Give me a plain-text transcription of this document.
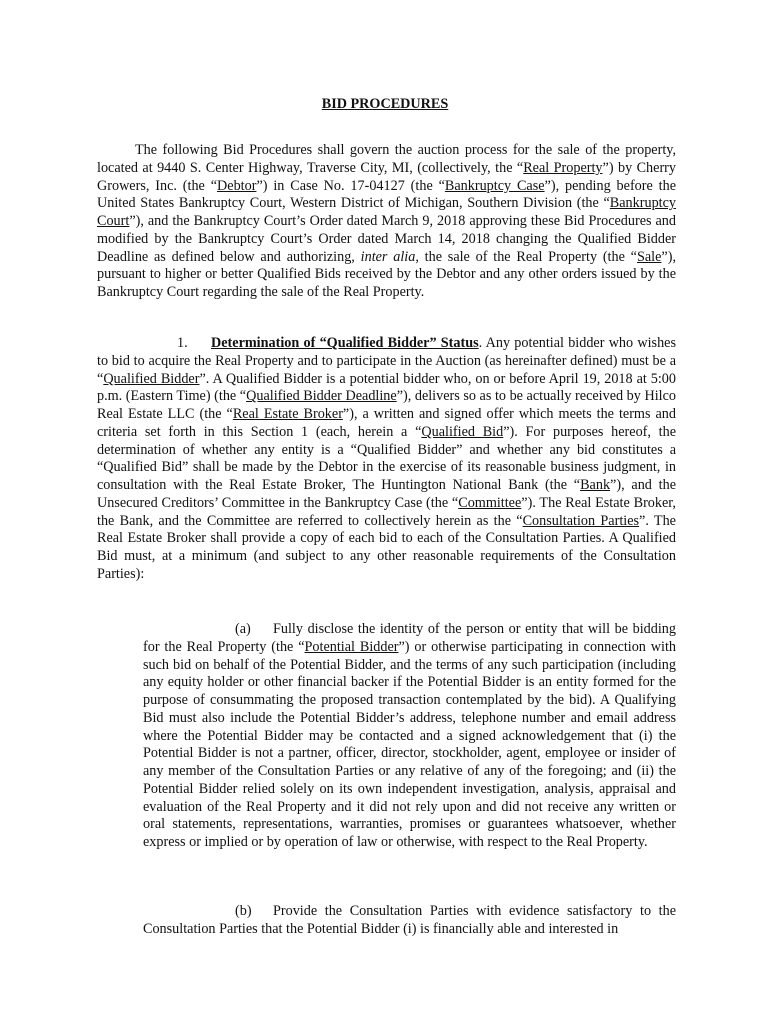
BID PROCEDURES

The following Bid Procedures shall govern the auction process for the sale of the property, located at 9440 S. Center Highway, Traverse City, MI, (collectively, the “Real Property”) by Cherry Growers, Inc. (the “Debtor”) in Case No. 17-04127 (the “Bankruptcy Case”), pending before the United States Bankruptcy Court, Western District of Michigan, Southern Division (the “Bankruptcy Court”), and the Bankruptcy Court’s Order dated March 9, 2018 approving these Bid Procedures and modified by the Bankruptcy Court’s Order dated March 14, 2018 changing the Qualified Bidder Deadline as defined below and authorizing, inter alia, the sale of the Real Property (the “Sale”), pursuant to higher or better Qualified Bids received by the Debtor and any other orders issued by the Bankruptcy Court regarding the sale of the Real Property.

1. Determination of “Qualified Bidder” Status. Any potential bidder who wishes to bid to acquire the Real Property and to participate in the Auction (as hereinafter defined) must be a “Qualified Bidder”. A Qualified Bidder is a potential bidder who, on or before April 19, 2018 at 5:00 p.m. (Eastern Time) (the “Qualified Bidder Deadline”), delivers so as to be actually received by Hilco Real Estate LLC (the “Real Estate Broker”), a written and signed offer which meets the terms and criteria set forth in this Section 1 (each, herein a “Qualified Bid”). For purposes hereof, the determination of whether any entity is a “Qualified Bidder” and whether any bid constitutes a “Qualified Bid” shall be made by the Debtor in the exercise of its reasonable business judgment, in consultation with the Real Estate Broker, The Huntington National Bank (the “Bank”), and the Unsecured Creditors’ Committee in the Bankruptcy Case (the “Committee”). The Real Estate Broker, the Bank, and the Committee are referred to collectively herein as the “Consultation Parties”. The Real Estate Broker shall provide a copy of each bid to each of the Consultation Parties. A Qualified Bid must, at a minimum (and subject to any other reasonable requirements of the Consultation Parties):

(a) Fully disclose the identity of the person or entity that will be bidding for the Real Property (the “Potential Bidder”) or otherwise participating in connection with such bid on behalf of the Potential Bidder, and the terms of any such participation (including any equity holder or other financial backer if the Potential Bidder is an entity formed for the purpose of consummating the proposed transaction contemplated by the bid). A Qualifying Bid must also include the Potential Bidder’s address, telephone number and email address where the Potential Bidder may be contacted and a signed acknowledgement that (i) the Potential Bidder is not a partner, officer, director, stockholder, agent, employee or insider of any member of the Consultation Parties or any relative of any of the foregoing; and (ii) the Potential Bidder relied solely on its own independent investigation, analysis, appraisal and evaluation of the Real Property and it did not rely upon and did not receive any written or oral statements, representations, warranties, promises or guarantees whatsoever, whether express or implied or by operation of law or otherwise, with respect to the Real Property.

(b) Provide the Consultation Parties with evidence satisfactory to the Consultation Parties that the Potential Bidder (i) is financially able and interested in
